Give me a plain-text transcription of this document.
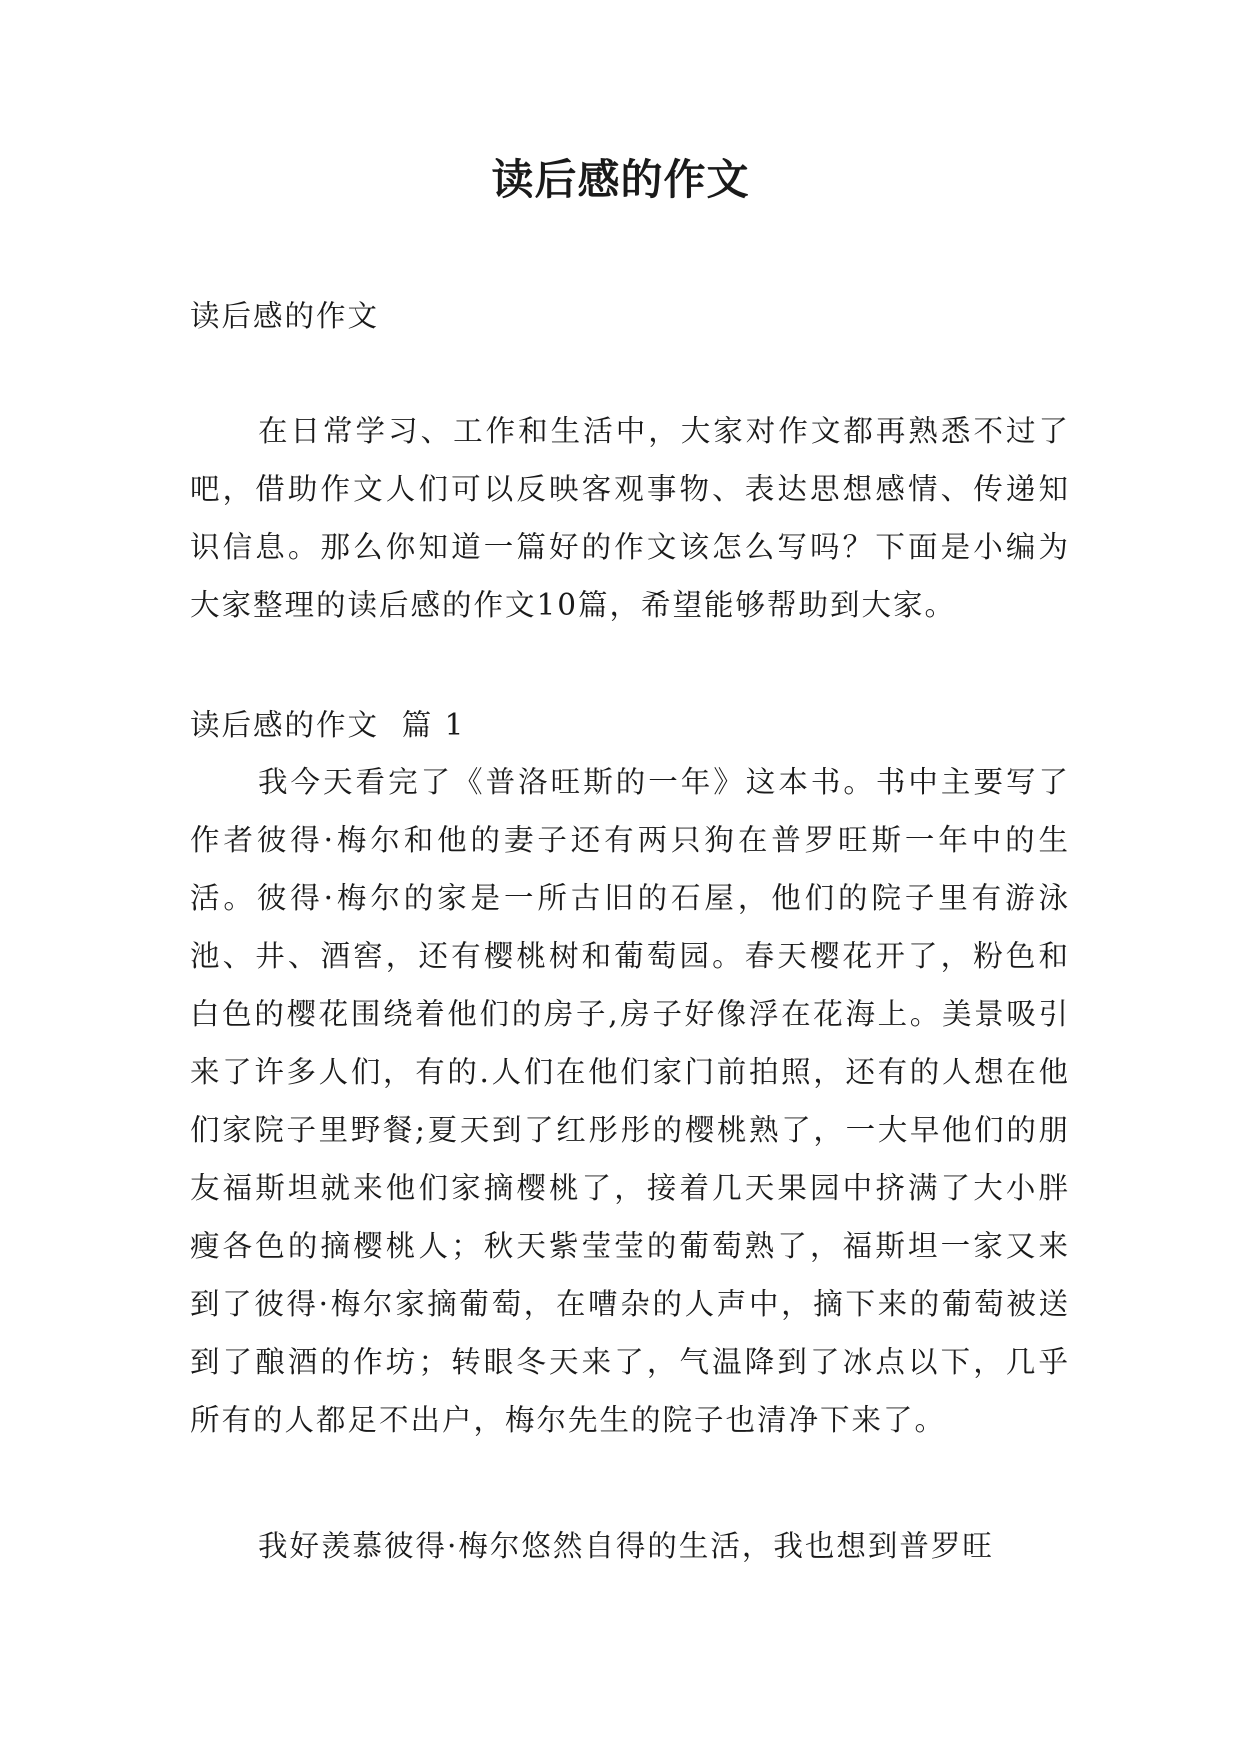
读后感的作文

读后感的作文

在日常学习、工作和生活中，大家对作文都再熟悉不过了吧，借助作文人们可以反映客观事物、表达思想感情、传递知识信息。那么你知道一篇好的作文该怎么写吗？下面是小编为大家整理的读后感的作文10篇，希望能够帮助到大家。

读后感的作文  篇 1

我今天看完了《普洛旺斯的一年》这本书。书中主要写了作者彼得·梅尔和他的妻子还有两只狗在普罗旺斯一年中的生活。彼得·梅尔的家是一所古旧的石屋，他们的院子里有游泳池、井、酒窖，还有樱桃树和葡萄园。春天樱花开了，粉色和白色的樱花围绕着他们的房子,房子好像浮在花海上。美景吸引来了许多人们，有的.人们在他们家门前拍照，还有的人想在他们家院子里野餐;夏天到了红彤彤的樱桃熟了，一大早他们的朋友福斯坦就来他们家摘樱桃了，接着几天果园中挤满了大小胖瘦各色的摘樱桃人；秋天紫莹莹的葡萄熟了，福斯坦一家又来到了彼得·梅尔家摘葡萄，在嘈杂的人声中，摘下来的葡萄被送到了酿酒的作坊；转眼冬天来了，气温降到了冰点以下，几乎所有的人都足不出户，梅尔先生的院子也清净下来了。

我好羡慕彼得·梅尔悠然自得的生活，我也想到普罗旺
